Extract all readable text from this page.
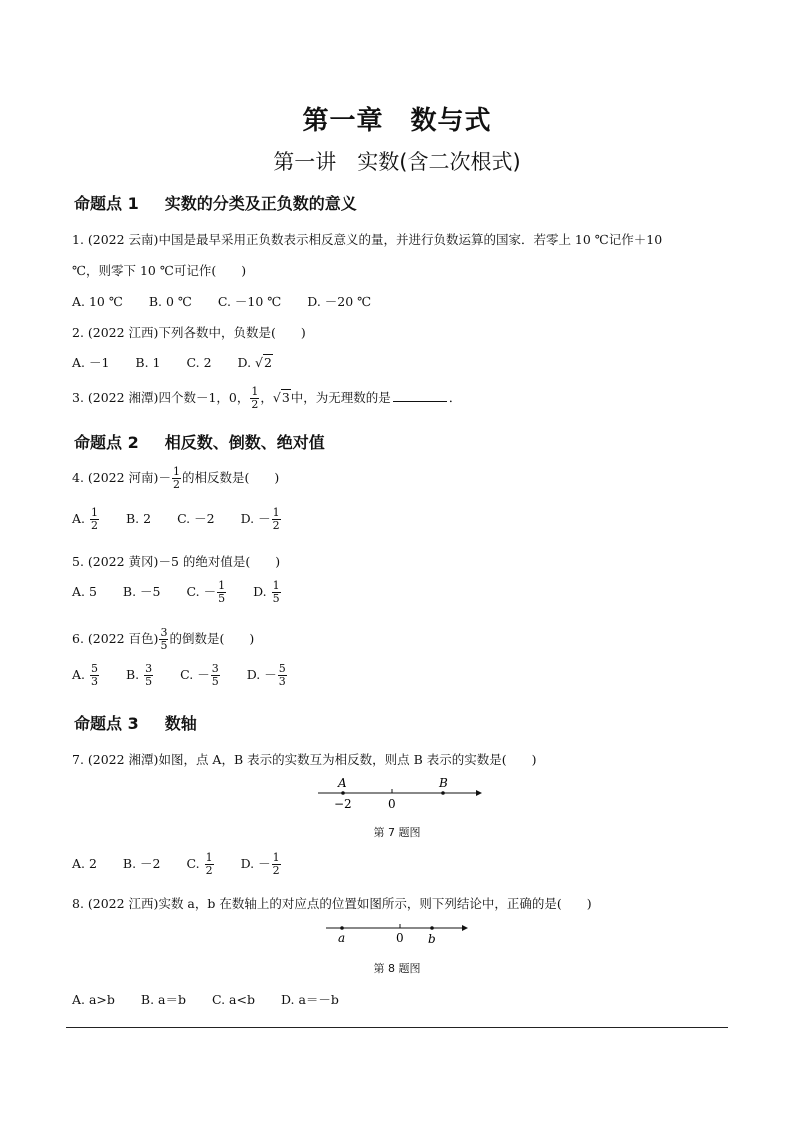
第一章　数与式
第一讲　实数(含二次根式)
命题点 1 实数的分类及正负数的意义
1. (2022 云南)中国是最早采用正负数表示相反意义的量，并进行负数运算的国家．若零上 10 ℃记作＋10
℃，则零下 10 ℃可记作(　　)
A. 10 ℃ B. 0 ℃ C. －10 ℃ D. －20 ℃
2. (2022 江西)下列各数中，负数是(　　)
A. －1 B. 1 C. 2 D. √2
3. (2022 湘潭)四个数－1，0， $\frac{1}{2}$ ，√3中，为无理数的是	．
命题点 2 相反数、倒数、绝对值
4. (2022 河南)－ $\frac{1}{2}$ 的相反数是(　　)
A. $\frac{1}{2} B$. 2 C. －2 D. － $\frac{1}{2}$
5. (2022 黄冈)－5 的绝对值是(　　)
A. 5 B. －5 C. － $\frac{1}{5} D$. $\frac{1}{5}$
6. (2022 百色) $\frac{3}{5}$ 的倒数是(　　)
A. $\frac{5}{3} B$. $\frac{3}{5} C$. － $\frac{3}{5} D$. － $\frac{5}{3}$
命题点 3 数轴
7. (2022 湘潭)如图，点 A，B 表示的实数互为相反数，则点 B 表示的实数是(　　)
A	B
−2	0
第 7 题图
A. 2 B. －2 C. $\frac{1}{2} D$. － $\frac{1}{2}$
8. (2022 江西)实数 a，b 在数轴上的对应点的位置如图所示，则下列结论中，正确的是(　　)
a	0 b
第 8 题图
A. a>b B. a＝b C. a<b D. a＝－b
